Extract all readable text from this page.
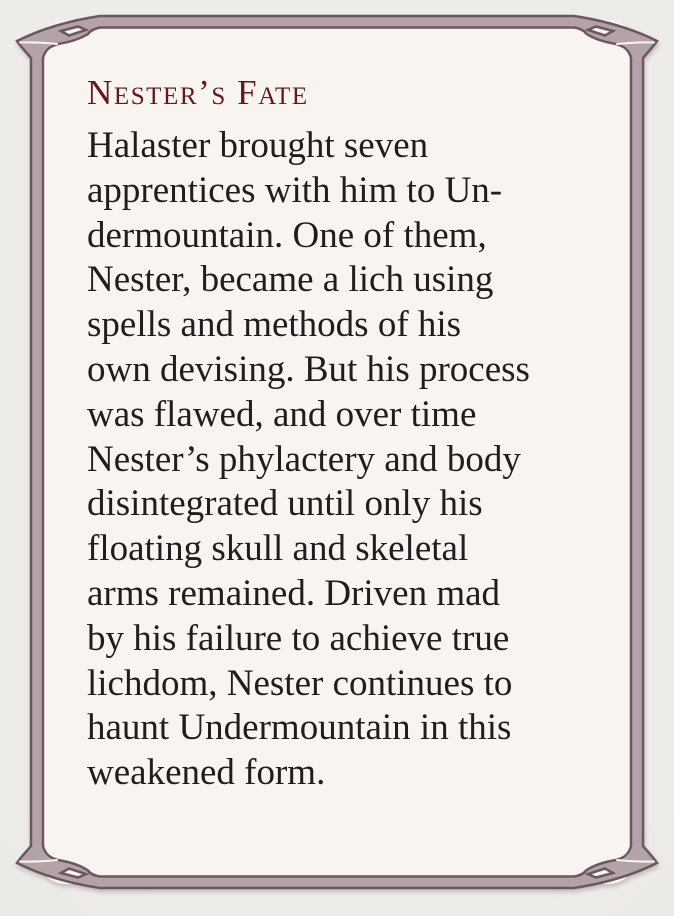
Nester’s Fate
Halaster brought seven
apprentices with him to Un-
dermountain. One of them,
Nester, became a lich using
spells and methods of his
own devising. But his process
was flawed, and over time
Nester’s phylactery and body
disintegrated until only his
floating skull and skeletal
arms remained. Driven mad
by his failure to achieve true
lichdom, Nester continues to
haunt Undermountain in this
weakened form.
